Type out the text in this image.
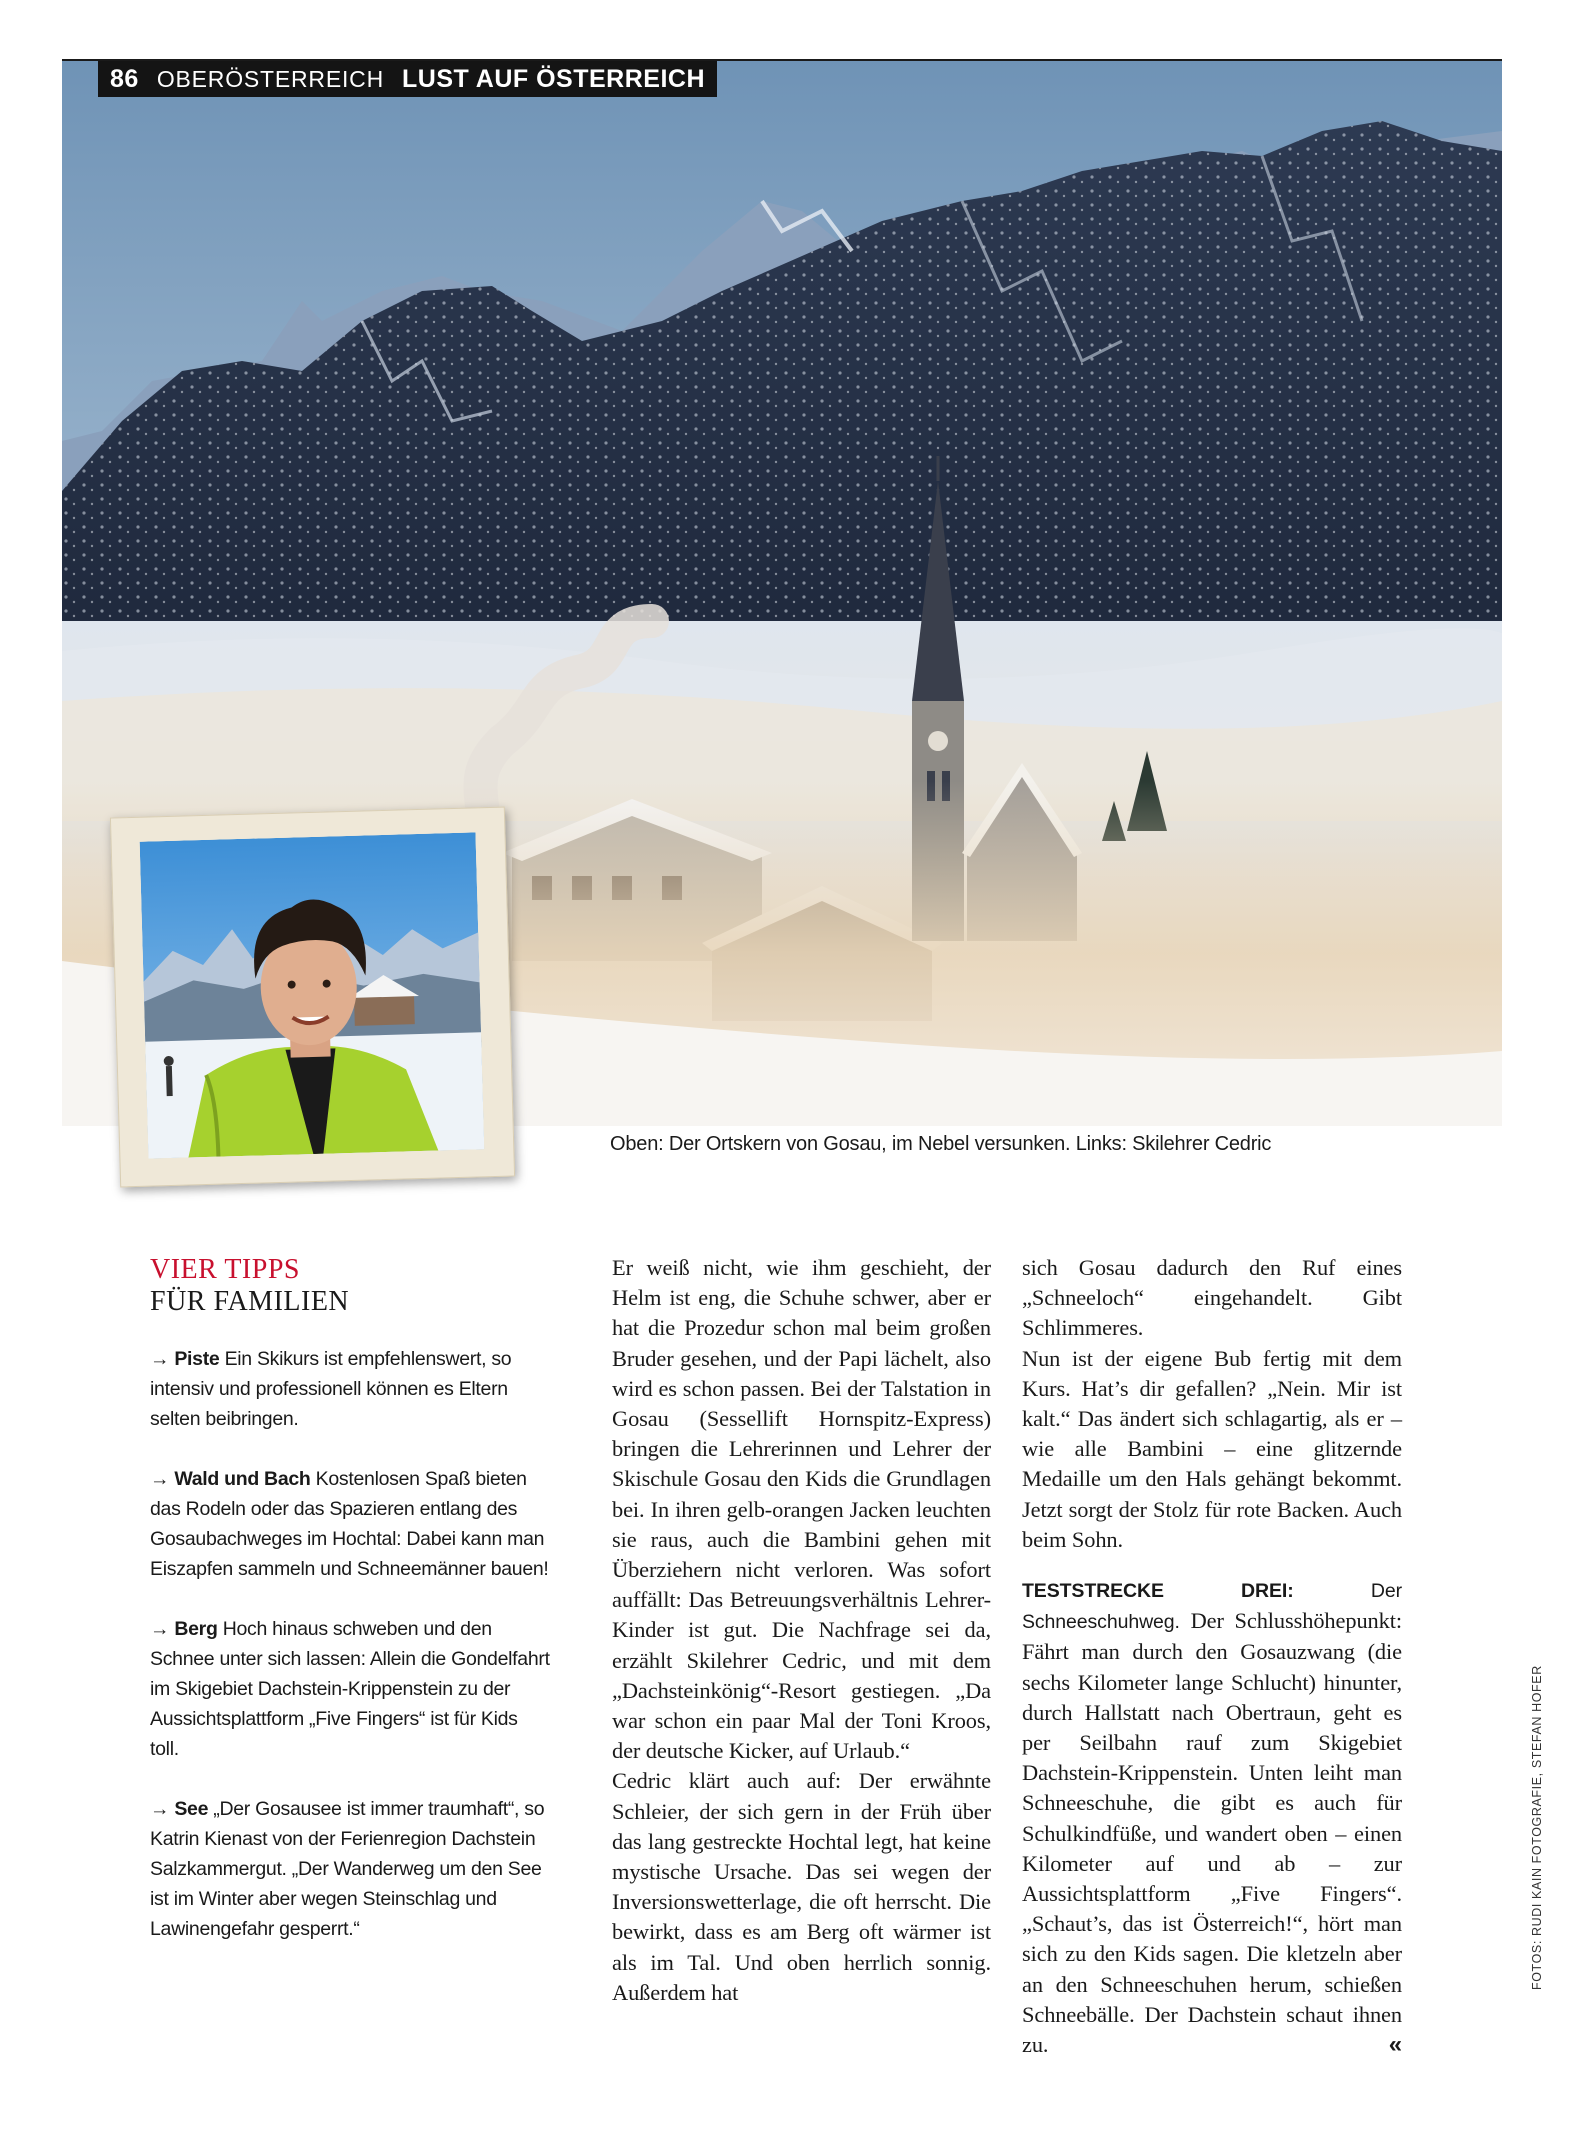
86 OBERÖSTERREICH LUST AUF ÖSTERREICH
Oben: Der Ortskern von Gosau, im Nebel versunken. Links: Skilehrer Cedric
VIER TIPPS
FÜR FAMILIEN
→ Piste Ein Skikurs ist empfehlenswert, so intensiv und professionell können es Eltern selten beibringen.
→ Wald und Bach Kostenlosen Spaß bieten das Rodeln oder das Spazieren entlang des Gosaubachweges im Hochtal: Dabei kann man Eiszapfen sammeln und Schneemänner bauen!
→ Berg Hoch hinaus schweben und den Schnee unter sich lassen: Allein die Gondelfahrt im Skigebiet Dachstein-Krippenstein zu der Aussichtsplattform „Five Fingers“ ist für Kids toll.
→ See „Der Gosausee ist immer traumhaft“, so Katrin Kienast von der Ferienregion Dachstein Salzkammergut. „Der Wanderweg um den See ist im Winter aber wegen Steinschlag und Lawinengefahr gesperrt.“

Er weiß nicht, wie ihm geschieht, der Helm ist eng, die Schuhe schwer, aber er hat die Prozedur schon mal beim großen Bruder gesehen, und der Papi lächelt, also wird es schon passen. Bei der Talstation in Gosau (Sessellift Hornspitz-Express) bringen die Lehrerinnen und Lehrer der Skischule Gosau den Kids die Grundlagen bei. In ihren gelb-orangen Jacken leuchten sie raus, auch die Bambini gehen mit Überziehern nicht verloren. Was sofort auffällt: Das Betreuungsverhältnis Lehrer-Kinder ist gut. Die Nachfrage sei da, erzählt Skilehrer Cedric, und mit dem „Dachsteinkönig“-Resort gestiegen. „Da war schon ein paar Mal der Toni Kroos, der deutsche Kicker, auf Urlaub.“

Cedric klärt auch auf: Der erwähnte Schleier, der sich gern in der Früh über das lang gestreckte Hochtal legt, hat keine mystische Ursache. Das sei wegen der Inversionswetterlage, die oft herrscht. Die bewirkt, dass es am Berg oft wärmer ist als im Tal. Und oben herrlich sonnig. Außerdem hat

sich Gosau dadurch den Ruf eines „Schneeloch“ eingehandelt. Gibt Schlimmeres.

Nun ist der eigene Bub fertig mit dem Kurs. Hat’s dir gefallen? „Nein. Mir ist kalt.“ Das ändert sich schlagartig, als er – wie alle Bambini – eine glitzernde Medaille um den Hals gehängt bekommt. Jetzt sorgt der Stolz für rote Backen. Auch beim Sohn.

TESTSTRECKE DREI:	Der Schneeschuhweg. Der Schlusshöhepunkt: Fährt man durch den Gosauzwang (die sechs Kilometer lange Schlucht) hinunter, durch Hallstatt nach Obertraun, geht es per Seilbahn rauf zum Skigebiet Dachstein-Krippenstein. Unten leiht man Schneeschuhe, die gibt es auch für Schulkindfüße, und wandert oben – einen Kilometer auf und ab – zur Aussichtsplattform „Five Fingers“. „Schaut’s, das ist Österreich!“, hört man sich zu den Kids sagen. Die kletzeln aber an den Schneeschuhen herum, schießen Schneebälle. Der Dachstein schaut ihnen zu.	«

FOTOS: RUDI KAIN FOTOGRAFIE, STEFAN HOFER
